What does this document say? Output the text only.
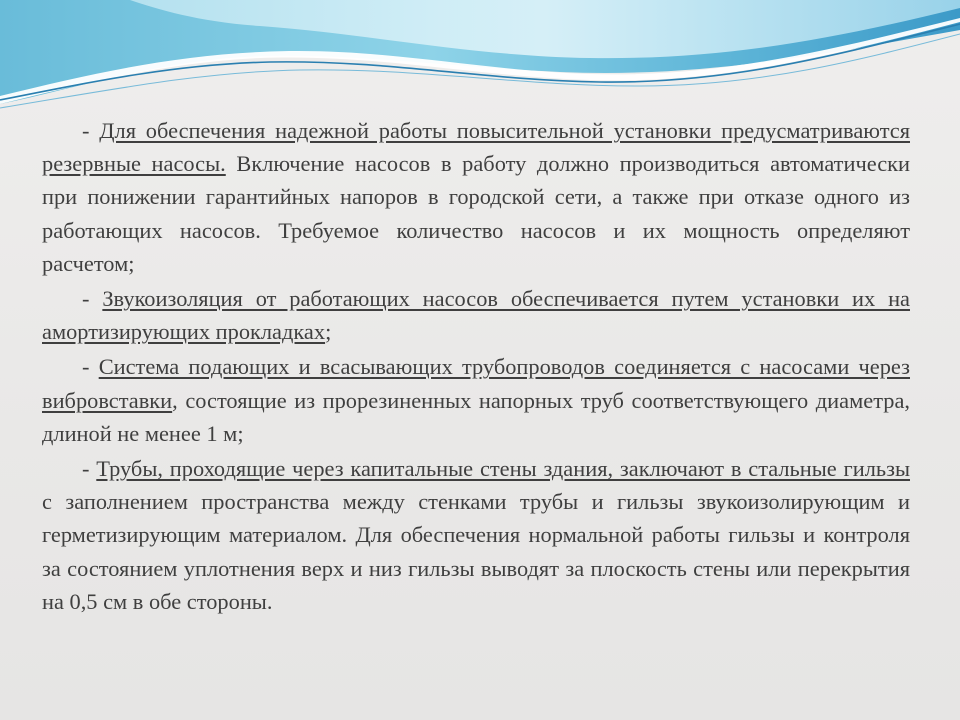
- Для обеспечения надежной работы повысительной установки предусматриваются резервные насосы. Включение насосов в работу должно производиться автоматически при понижении гарантийных напоров в городской сети, а также при отказе одного из работающих насосов. Требуемое количество насосов и их мощность определяют расчетом;

- Звукоизоляция от работающих насосов обеспечивается путем установки их на амортизирующих прокладках;

- Система подающих и всасывающих трубопроводов соединяется с насосами через вибровставки, состоящие из прорезиненных напорных труб соответствующего диаметра, длиной не менее 1 м;

- Трубы, проходящие через капитальные стены здания, заключают в стальные гильзы с заполнением пространства между стенками трубы и гильзы звукоизолирующим и герметизирующим материалом. Для обеспечения нормальной работы гильзы и контроля за состоянием уплотнения верх и низ гильзы выводят за плоскость стены или перекрытия на 0,5 см в обе стороны.
